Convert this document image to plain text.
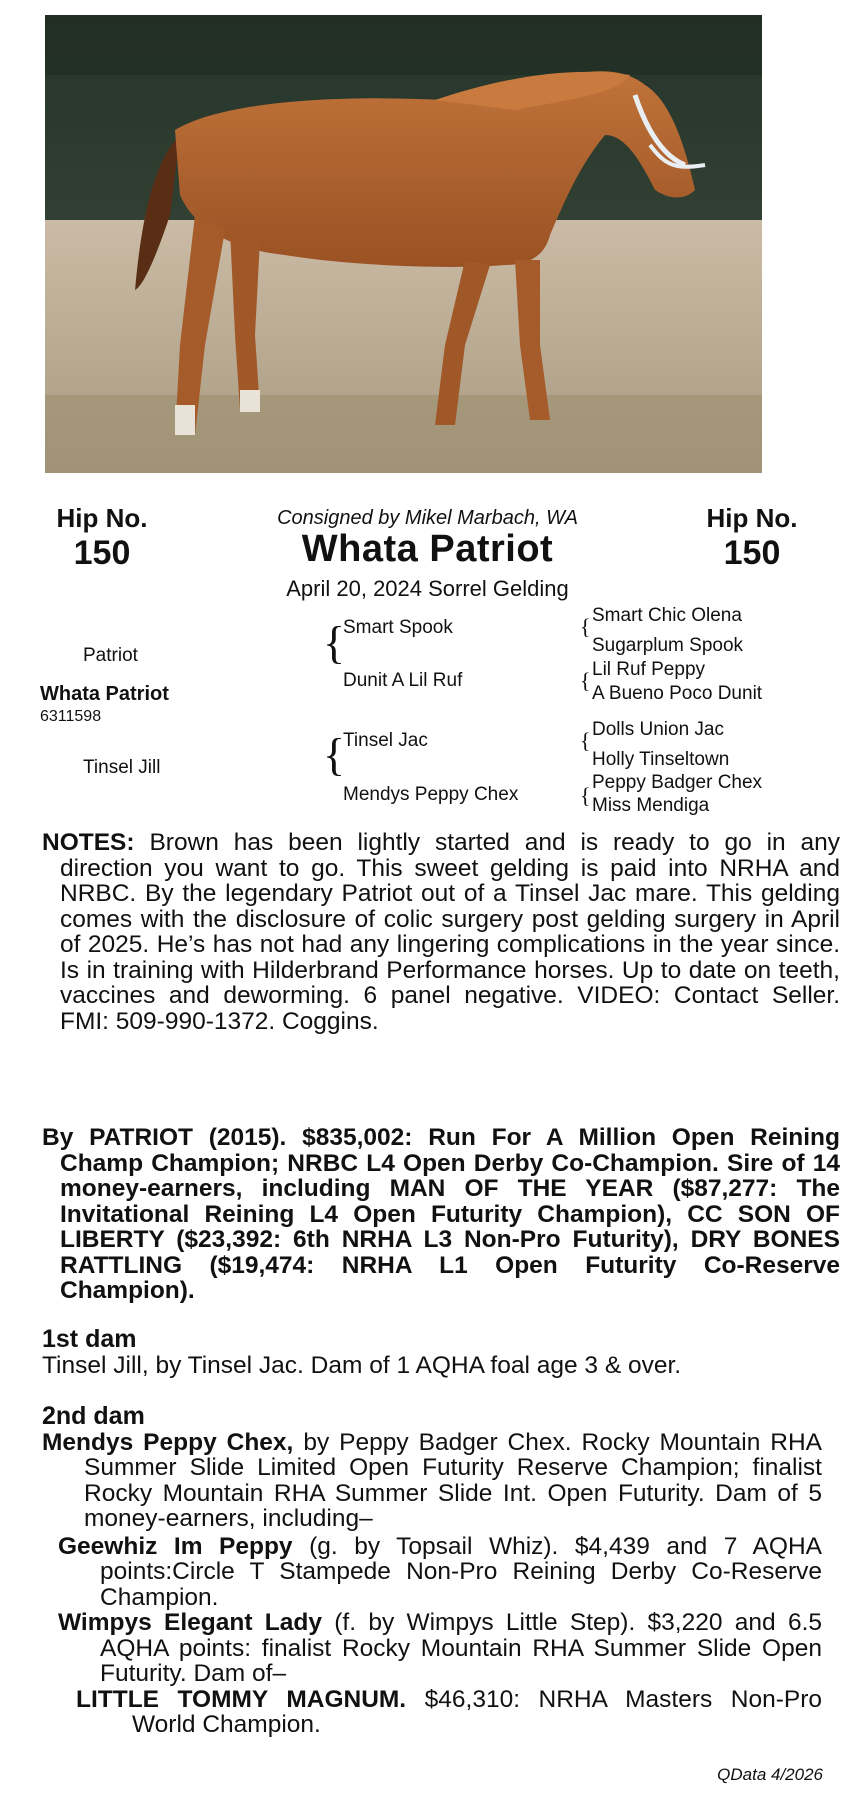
Hip No.
150
Hip No.
150
Consigned by Mikel Marbach, WA
Whata Patriot
April 20, 2024 Sorrel Gelding
Patriot
Whata Patriot
6311598
Tinsel Jill
{
Smart Spook
Dunit A Lil Ruf
{
Tinsel Jac
Mendys Peppy Chex
{ Smart Chic Olena
Sugarplum Spook
{ Lil Ruf Peppy
A Bueno Poco Dunit
{ Dolls Union Jac
Holly Tinseltown
{
Peppy Badger Chex
Miss Mendiga
NOTES: Brown has been lightly started and is ready to go in any direction you want to go. This sweet gelding is paid into NRHA and NRBC. By the legendary Patriot out of a Tinsel Jac mare. This gelding comes with the disclosure of colic surgery post gelding surgery in April of 2025. He’s has not had any lingering complications in the year since. Is in training with Hilderbrand Performance horses. Up to date on teeth, vaccines and deworming. 6 panel negative. VIDEO: Contact Seller. FMI: 509-990-1372. Coggins.
By PATRIOT (2015). $835,002: Run For A Million Open Reining Champ Champion; NRBC L4 Open Derby Co-Champion. Sire of 14 money-earners, including MAN OF THE YEAR ($87,277: The Invitational Reining L4 Open Futurity Champion), CC SON OF LIBERTY ($23,392: 6th NRHA L3 Non-Pro Futurity), DRY BONES RATTLING ($19,474: NRHA L1 Open Futurity Co-Reserve Champion).
1st dam
Tinsel Jill, by Tinsel Jac. Dam of 1 AQHA foal age 3 & over.
2nd dam
Mendys Peppy Chex, by Peppy Badger Chex. Rocky Mountain RHA Summer Slide Limited Open Futurity Reserve Champion; finalist Rocky Mountain RHA Summer Slide Int. Open Futurity. Dam of 5 money-earners, including–
Geewhiz Im Peppy (g. by Topsail Whiz). $4,439 and 7 AQHA points:Circle T Stampede Non-Pro Reining Derby Co-Reserve Champion.
Wimpys Elegant Lady (f. by Wimpys Little Step). $3,220 and 6.5 AQHA points: finalist Rocky Mountain RHA Summer Slide Open Futurity. Dam of–
LITTLE TOMMY MAGNUM. $46,310: NRHA Masters Non-Pro World Champion.
QData 4/2026
